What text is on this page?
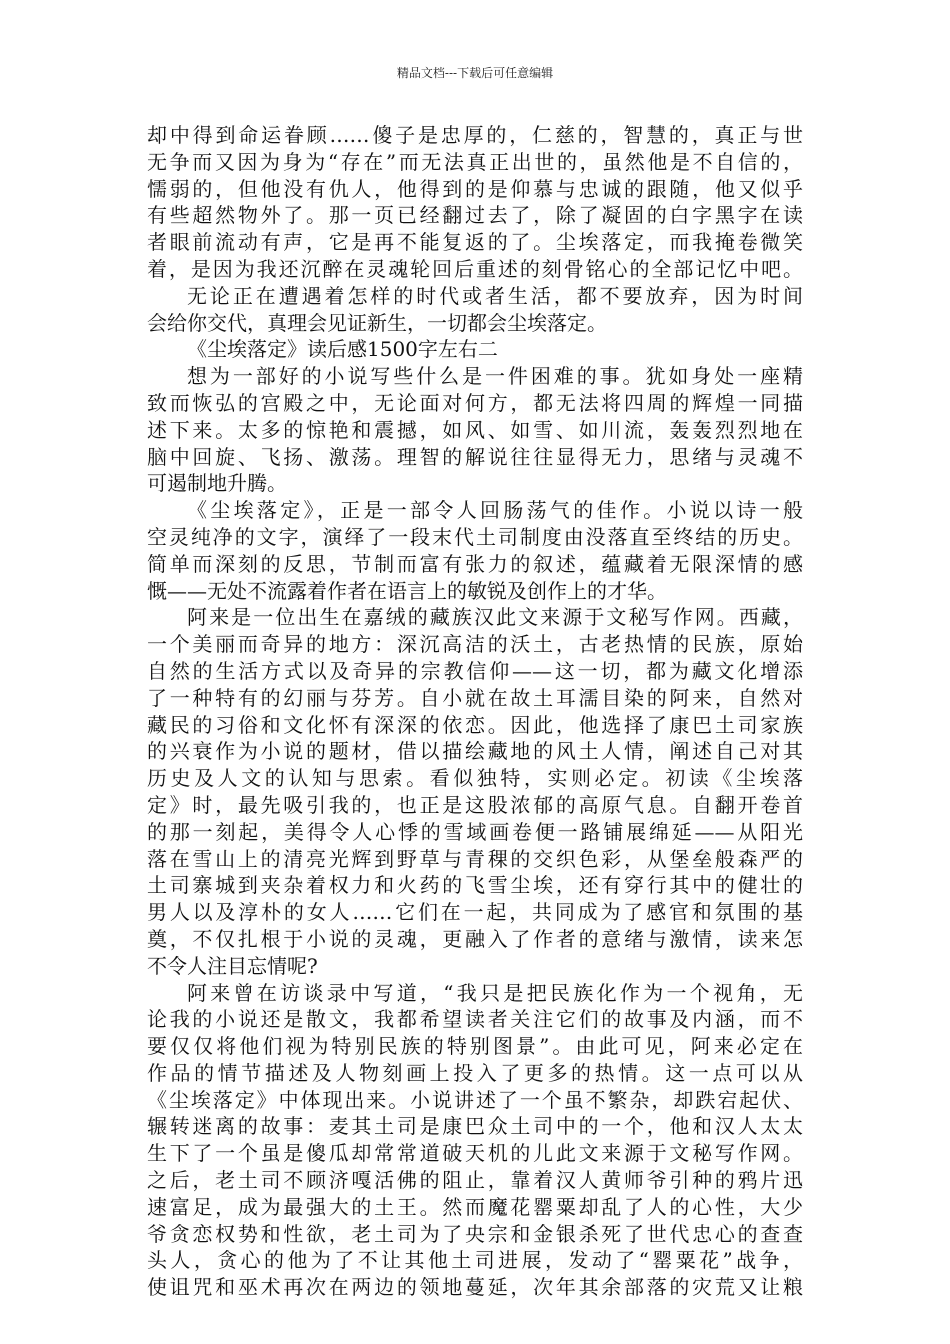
精品文档---下载后可任意编辑
却中得到命运眷顾……傻子是忠厚的，仁慈的，智慧的，真正与世
无争而又因为身为“存在”而无法真正出世的，虽然他是不自信的，
懦弱的，但他没有仇人，他得到的是仰慕与忠诚的跟随，他又似乎
有些超然物外了。那一页已经翻过去了，除了凝固的白字黑字在读
者眼前流动有声，它是再不能复返的了。尘埃落定，而我掩卷微笑
着，是因为我还沉醉在灵魂轮回后重述的刻骨铭心的全部记忆中吧。
无论正在遭遇着怎样的时代或者生活，都不要放弃，因为时间
会给你交代，真理会见证新生，一切都会尘埃落定。
《尘埃落定》读后感1500字左右二
想为一部好的小说写些什么是一件困难的事。犹如身处一座精
致而恢弘的宫殿之中，无论面对何方，都无法将四周的辉煌一同描
述下来。太多的惊艳和震撼，如风、如雪、如川流，轰轰烈烈地在
脑中回旋、飞扬、激荡。理智的解说往往显得无力，思绪与灵魂不
可遏制地升腾。
《尘埃落定》，正是一部令人回肠荡气的佳作。小说以诗一般
空灵纯净的文字，演绎了一段末代土司制度由没落直至终结的历史。
简单而深刻的反思，节制而富有张力的叙述，蕴藏着无限深情的感
慨——无处不流露着作者在语言上的敏锐及创作上的才华。
阿来是一位出生在嘉绒的藏族汉此文来源于文秘写作网。西藏，
一个美丽而奇异的地方：深沉高洁的沃土，古老热情的民族，原始
自然的生活方式以及奇异的宗教信仰——这一切，都为藏文化增添
了一种特有的幻丽与芬芳。自小就在故土耳濡目染的阿来，自然对
藏民的习俗和文化怀有深深的依恋。因此，他选择了康巴土司家族
的兴衰作为小说的题材，借以描绘藏地的风土人情，阐述自己对其
历史及人文的认知与思索。看似独特，实则必定。初读《尘埃落
定》时，最先吸引我的，也正是这股浓郁的高原气息。自翻开卷首
的那一刻起，美得令人心悸的雪域画卷便一路铺展绵延——从阳光
落在雪山上的清亮光辉到野草与青稞的交织色彩，从堡垒般森严的
土司寨城到夹杂着权力和火药的飞雪尘埃，还有穿行其中的健壮的
男人以及淳朴的女人……它们在一起，共同成为了感官和氛围的基
奠，不仅扎根于小说的灵魂，更融入了作者的意绪与激情，读来怎
不令人注目忘情呢?
阿来曾在访谈录中写道，“我只是把民族化作为一个视角，无
论我的小说还是散文，我都希望读者关注它们的故事及内涵，而不
要仅仅将他们视为特别民族的特别图景”。由此可见，阿来必定在
作品的情节描述及人物刻画上投入了更多的热情。这一点可以从
《尘埃落定》中体现出来。小说讲述了一个虽不繁杂，却跌宕起伏、
辗转迷离的故事：麦其土司是康巴众土司中的一个，他和汉人太太
生下了一个虽是傻瓜却常常道破天机的儿此文来源于文秘写作网。
之后，老土司不顾济嘎活佛的阻止，靠着汉人黄师爷引种的鸦片迅
速富足，成为最强大的土王。然而魔花罂粟却乱了人的心性，大少
爷贪恋权势和性欲，老土司为了央宗和金银杀死了世代忠心的查查
头人，贪心的他为了不让其他土司进展，发动了“罂粟花”战争，
使诅咒和巫术再次在两边的领地蔓延，次年其余部落的灾荒又让粮
